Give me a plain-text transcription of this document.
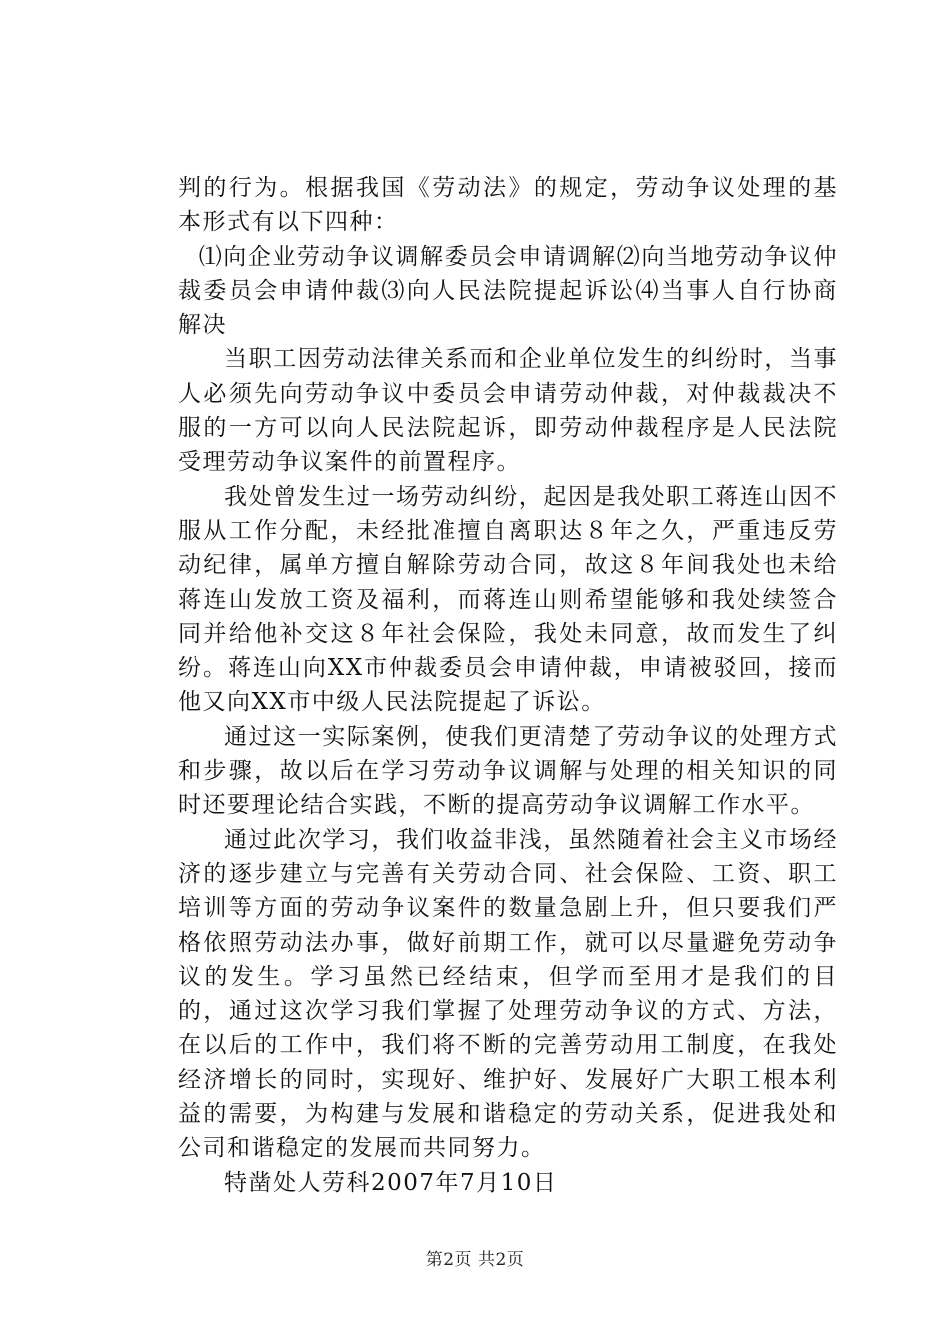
判的行为。根据我国《劳动法》的规定，劳动争议处理的基本形式有以下四种：

⑴向企业劳动争议调解委员会申请调解⑵向当地劳动争议仲裁委员会申请仲裁⑶向人民法院提起诉讼⑷当事人自行协商解决

当职工因劳动法律关系而和企业单位发生的纠纷时，当事人必须先向劳动争议中委员会申请劳动仲裁，对仲裁裁决不服的一方可以向人民法院起诉，即劳动仲裁程序是人民法院受理劳动争议案件的前置程序。

我处曾发生过一场劳动纠纷，起因是我处职工蒋连山因不服从工作分配，未经批准擅自离职达８年之久，严重违反劳动纪律，属单方擅自解除劳动合同，故这８年间我处也未给蒋连山发放工资及福利，而蒋连山则希望能够和我处续签合同并给他补交这８年社会保险，我处未同意，故而发生了纠纷。蒋连山向XX市仲裁委员会申请仲裁，申请被驳回，接而他又向XX市中级人民法院提起了诉讼。

通过这一实际案例，使我们更清楚了劳动争议的处理方式和步骤，故以后在学习劳动争议调解与处理的相关知识的同时还要理论结合实践，不断的提高劳动争议调解工作水平。

通过此次学习，我们收益非浅，虽然随着社会主义市场经济的逐步建立与完善有关劳动合同、社会保险、工资、职工培训等方面的劳动争议案件的数量急剧上升，但只要我们严格依照劳动法办事，做好前期工作，就可以尽量避免劳动争议的发生。学习虽然已经结束，但学而至用才是我们的目的，通过这次学习我们掌握了处理劳动争议的方式、方法，在以后的工作中，我们将不断的完善劳动用工制度，在我处经济增长的同时，实现好、维护好、发展好广大职工根本利益的需要，为构建与发展和谐稳定的劳动关系，促进我处和公司和谐稳定的发展而共同努力。

特凿处人劳科2007年7月10日

第2页 共2页
